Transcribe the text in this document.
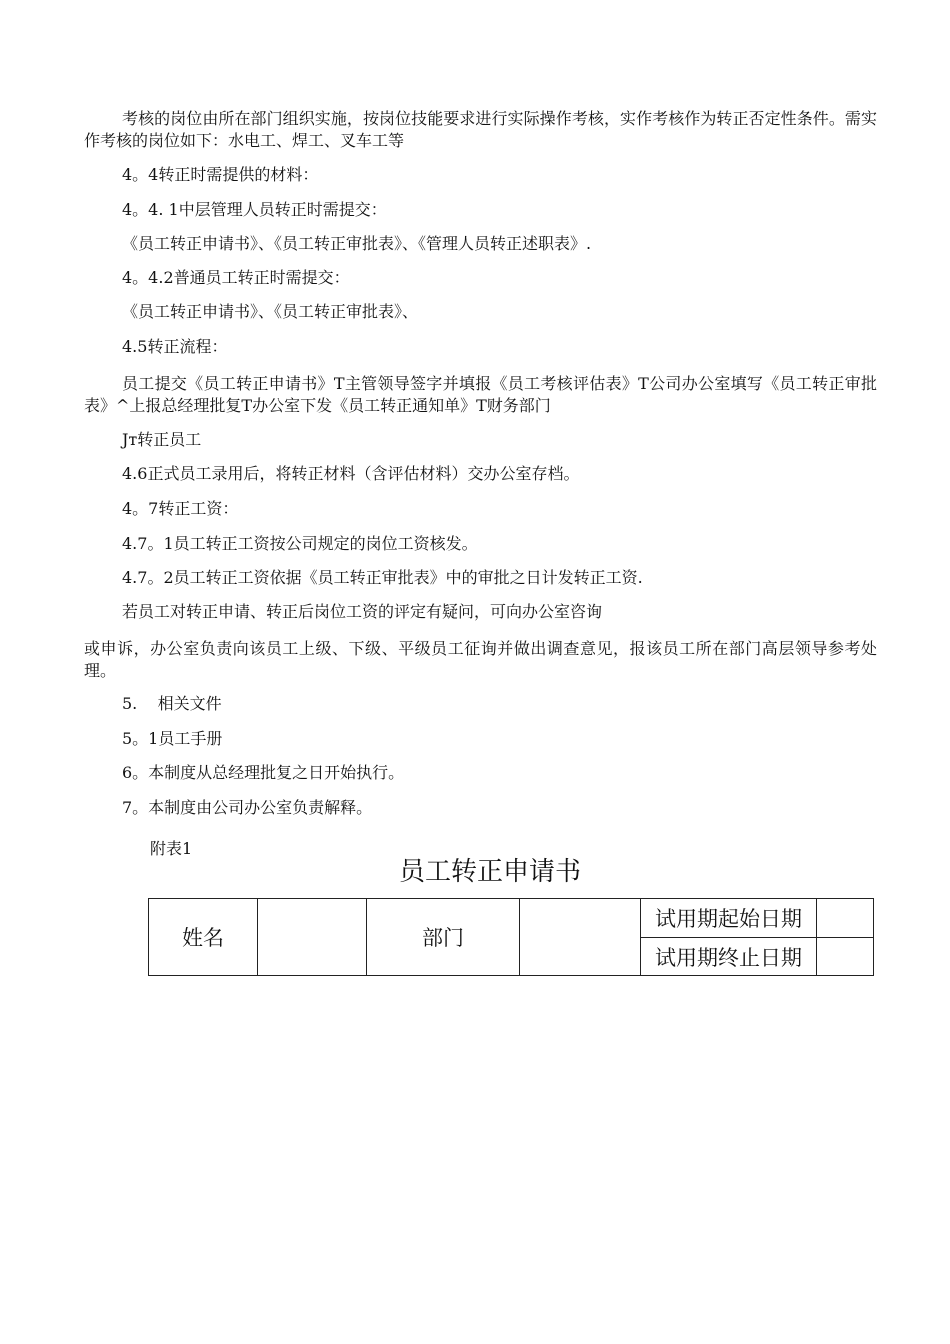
考核的岗位由所在部门组织实施，按岗位技能要求进行实际操作考核，实作考核作为转正否定性条件。需实作考核的岗位如下：水电工、焊工、叉车工等
4。4转正时需提供的材料：
4。4. 1中层管理人员转正时需提交：
《员工转正申请书》、《员工转正审批表》、《管理人员转正述职表》.
4。4.2普通员工转正时需提交：
《员工转正申请书》、《员工转正审批表》、
4.5转正流程：
员工提交《员工转正申请书》T主管领导签字并填报《员工考核评估表》T公司办公室填写《员工转正审批表》^上报总经理批复T办公室下发《员工转正通知单》T财务部门
Jт转正员工
4.6正式员工录用后，将转正材料（含评估材料）交办公室存档。
4。7转正工资：
4.7。1员工转正工资按公司规定的岗位工资核发。
4.7。2员工转正工资依据《员工转正审批表》中的审批之日计发转正工资.
若员工对转正申请、转正后岗位工资的评定有疑问，可向办公室咨询
或申诉，办公室负责向该员工上级、下级、平级员工征询并做出调查意见，报该员工所在部门高层领导参考处理。
5.    相关文件
5。1员工手册
6。本制度从总经理批复之日开始执行。
7。本制度由公司办公室负责解释。
附表1
员工转正申请书
姓名		部门		试用期起始日期	
				试用期终止日期	
